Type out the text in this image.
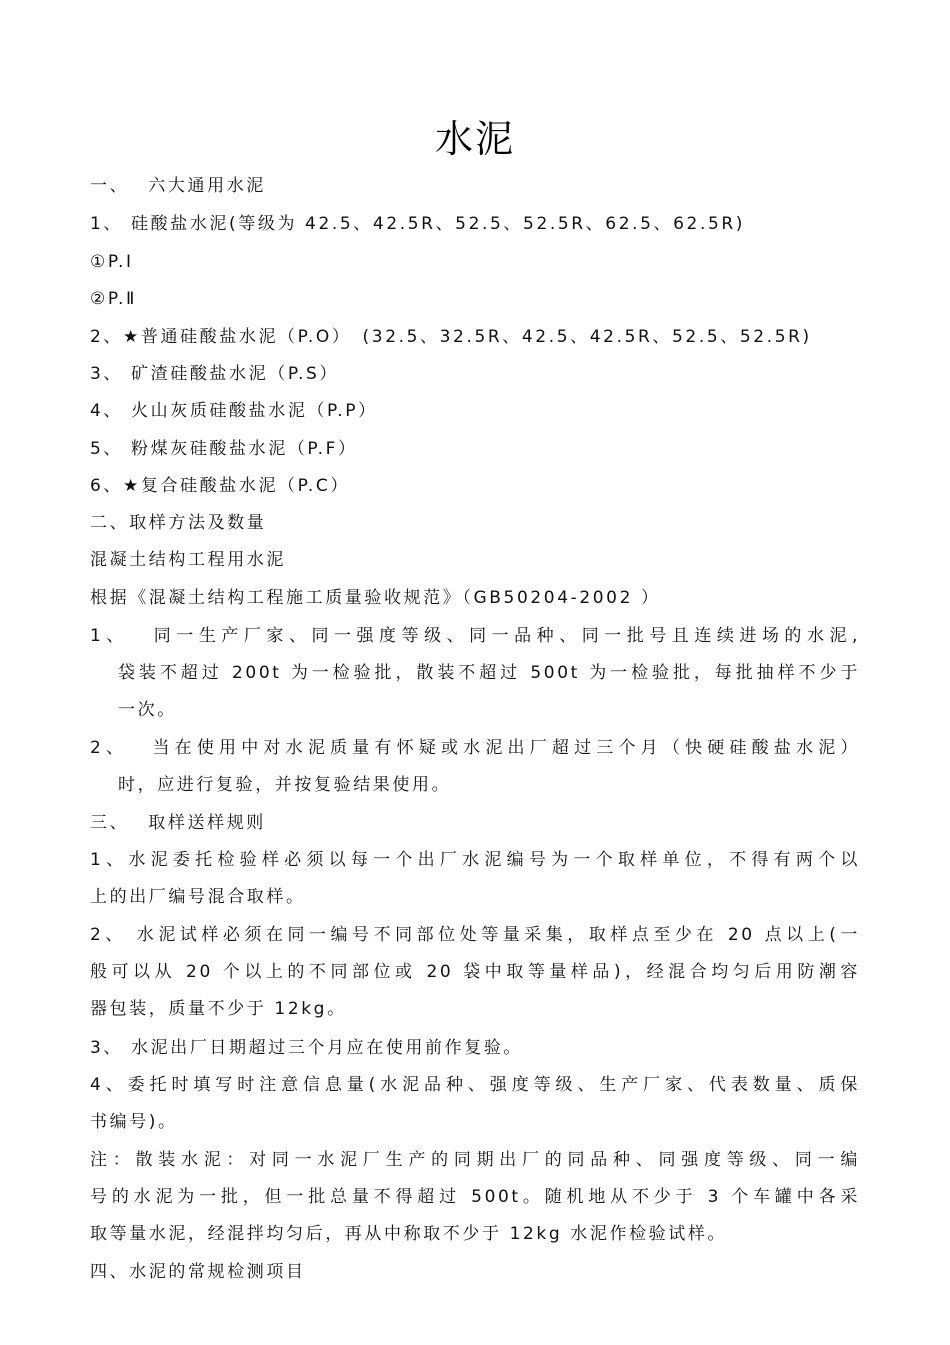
水泥
一、　 六大通用水泥
1、 硅酸盐水泥(等级为 42.5、42.5R、52.5、52.5R、62.5、62.5R)
①P.Ⅰ
②P.Ⅱ
2、★普通硅酸盐水泥（P.O）　(32.5、32.5R、42.5、42.5R、52.5、52.5R)
3、 矿渣硅酸盐水泥（P.S）
4、 火山灰质硅酸盐水泥（P.P）
5、 粉煤灰硅酸盐水泥（P.F）
6、★复合硅酸盐水泥（P.C）
二、取样方法及数量
混凝土结构工程用水泥
根据《混凝土结构工程施工质量验收规范》（GB50204-2002 ）
1、　 同一生产厂家、同一强度等级、同一品种、同一批号且连续进场的水泥,
袋装不超过 200t 为一检验批，散装不超过 500t 为一检验批，每批抽样不少于
一次。
2、　 当在使用中对水泥质量有怀疑或水泥出厂超过三个月（快硬硅酸盐水泥）
时，应进行复验，并按复验结果使用。
三、　 取样送样规则
1、水泥委托检验样必须以每一个出厂水泥编号为一个取样单位，不得有两个以
上的出厂编号混合取样。
2、 水泥试样必须在同一编号不同部位处等量采集，取样点至少在 20 点以上(一
般可以从 20 个以上的不同部位或 20 袋中取等量样品)，经混合均匀后用防潮容
器包装，质量不少于 12kg。
3、 水泥出厂日期超过三个月应在使用前作复验。
4、委托时填写时注意信息量(水泥品种、强度等级、生产厂家、代表数量、质保
书编号)。
注：散装水泥：对同一水泥厂生产的同期出厂的同品种、同强度等级、同一编
号的水泥为一批，但一批总量不得超过 500t。随机地从不少于 3 个车罐中各采
取等量水泥，经混拌均匀后，再从中称取不少于 12kg 水泥作检验试样。
四、水泥的常规检测项目
